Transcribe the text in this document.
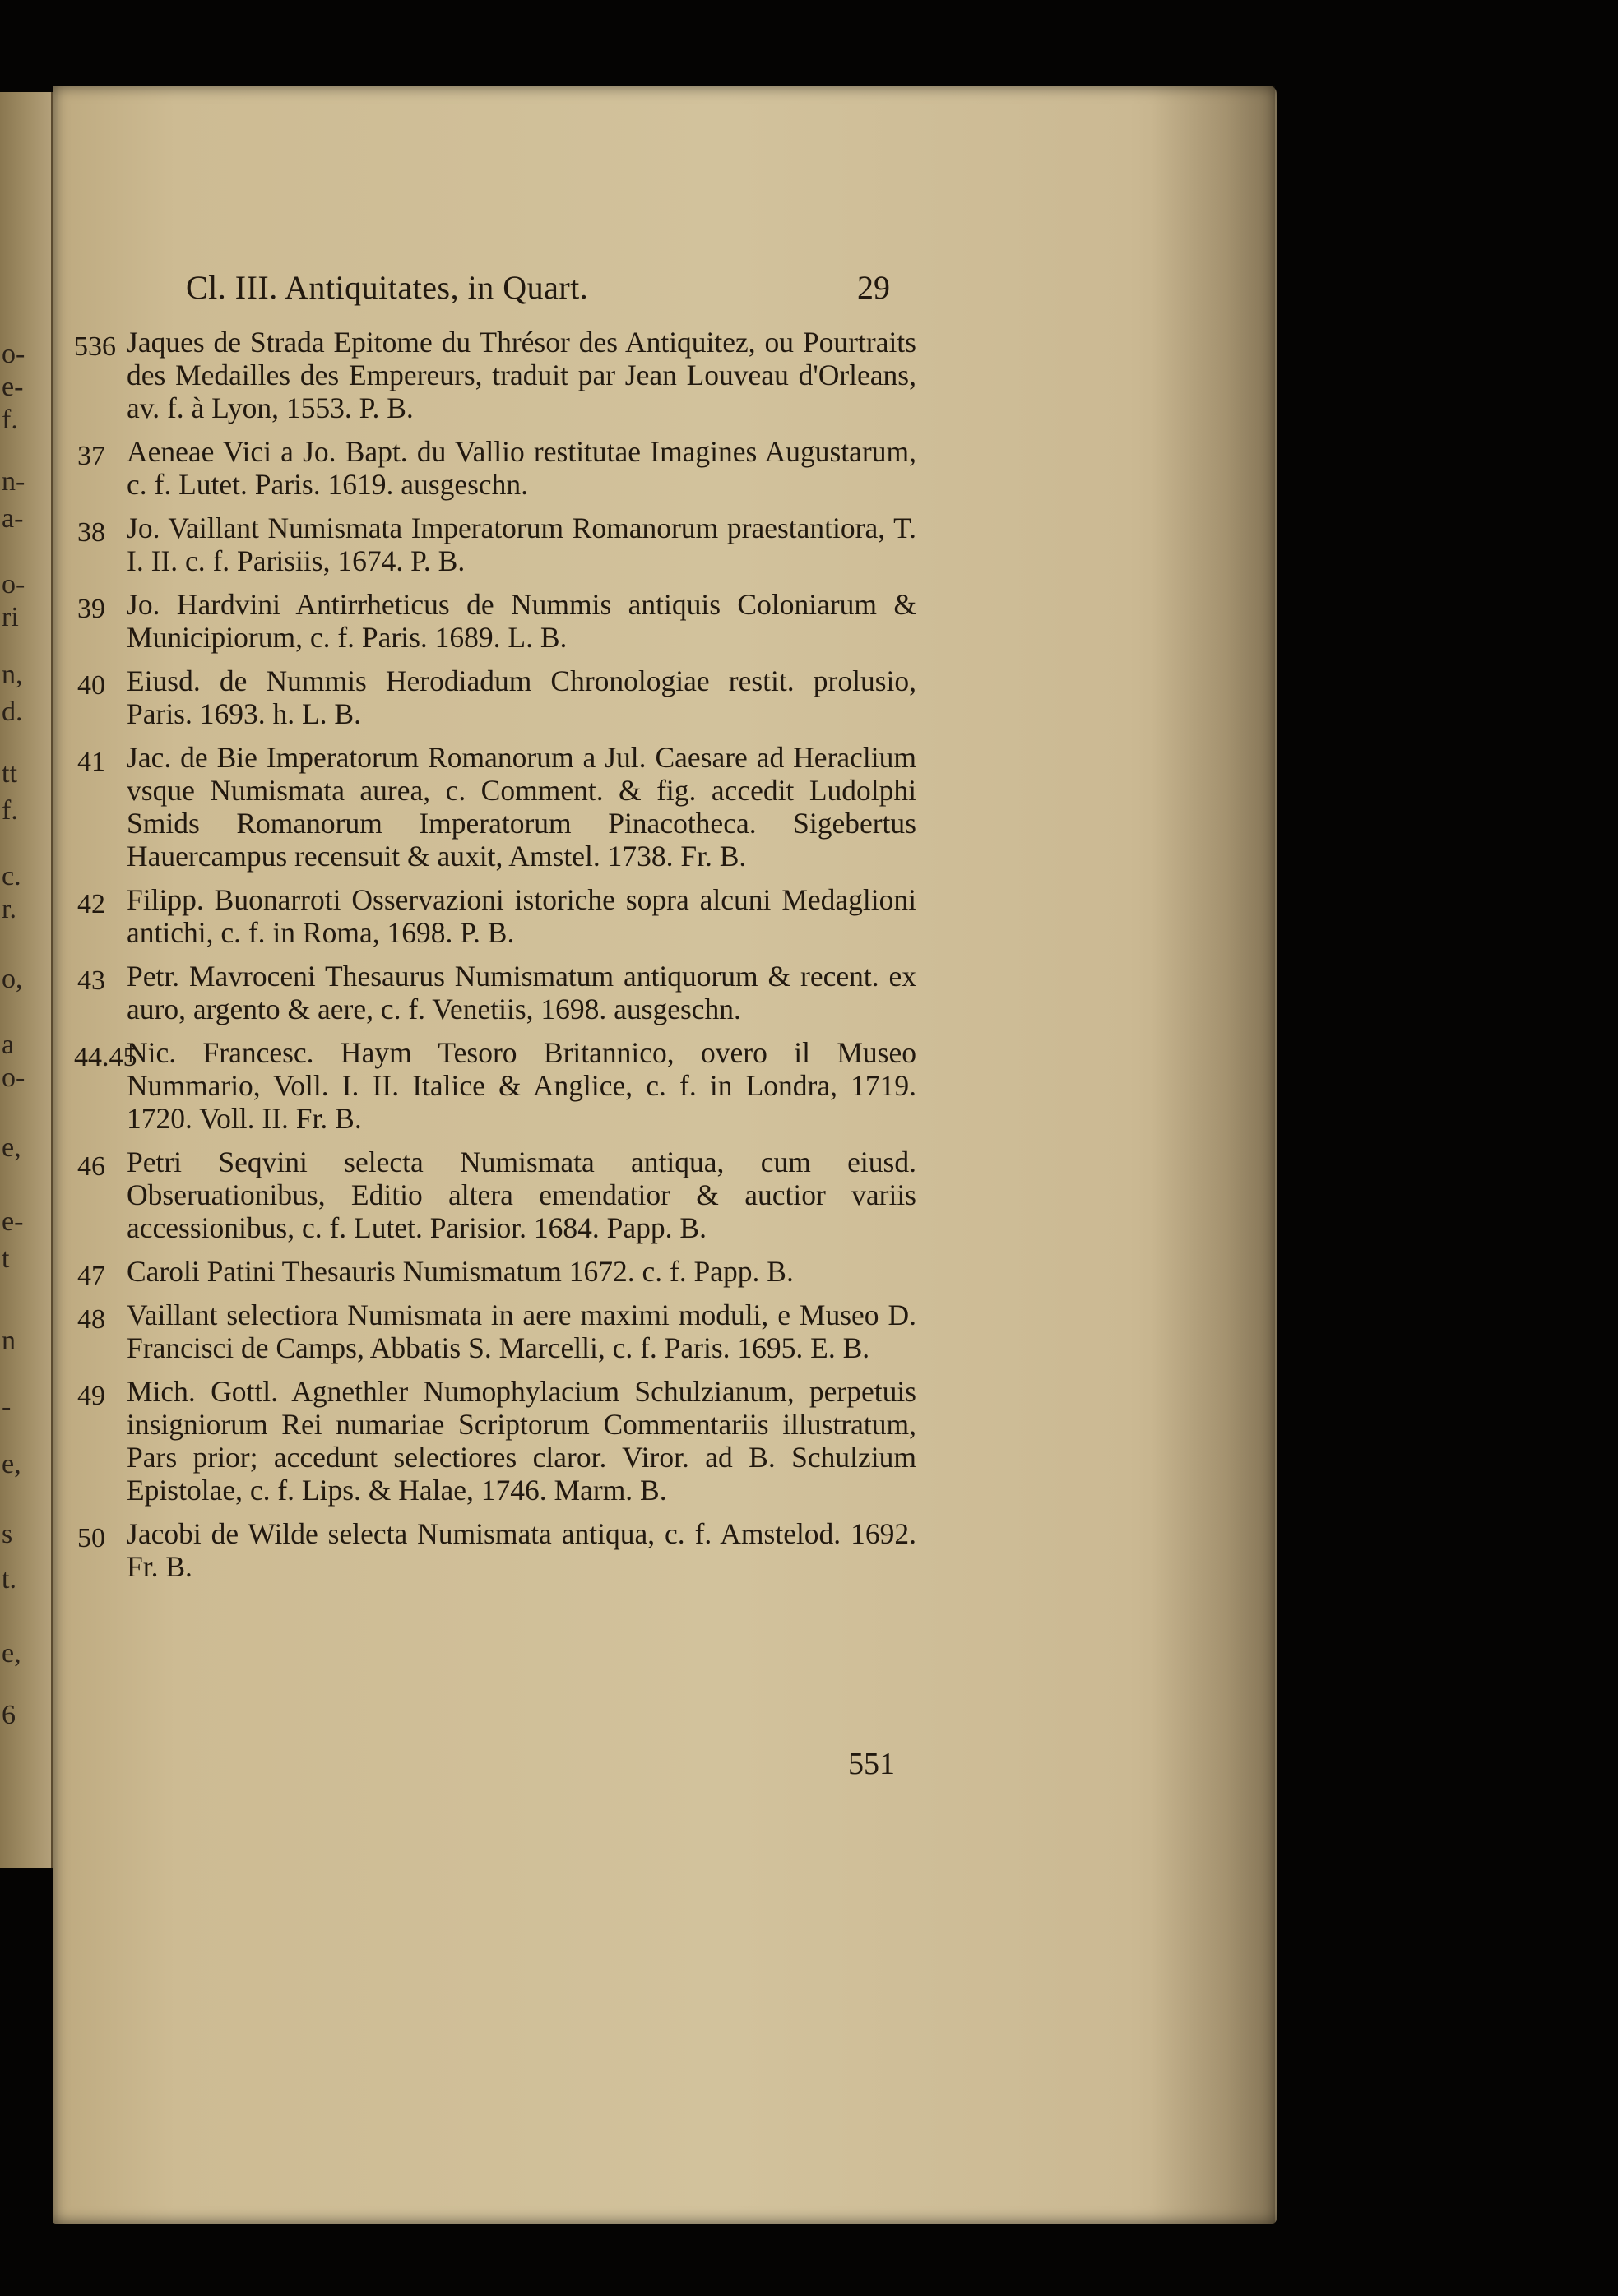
o-
e-
f.
n-
a-
o-
ri
n,
d.
tt
f.
c.
r.
o,
a
o-
e,
e-
t
n
-
e,
s
t.
e,
6
Cl. III. Antiquitates, in Quart.	29
536 Jaques de Strada Epitome du Thrésor des Antiquitez, ou Pourtraits des Medailles des Empereurs, traduit par Jean Louveau d'Orleans, av. f. à Lyon, 1553. P. B.
37 Aeneae Vici a Jo. Bapt. du Vallio restitutae Imagines Augustarum, c. f. Lutet. Paris. 1619. ausgeschn.
38 Jo. Vaillant Numismata Imperatorum Romanorum praestantiora, T. I. II. c. f. Parisiis, 1674. P. B.
39 Jo. Hardvini Antirrheticus de Nummis antiquis Coloniarum & Municipiorum, c. f. Paris. 1689. L. B.
40 Eiusd. de Nummis Herodiadum Chronologiae restit. prolusio, Paris. 1693. h. L. B.
41 Jac. de Bie Imperatorum Romanorum a Jul. Caesare ad Heraclium vsque Numismata aurea, c. Comment. & fig. accedit Ludolphi Smids Romanorum Imperatorum Pinacotheca. Sigebertus Hauercampus recensuit & auxit, Amstel. 1738. Fr. B.
42 Filipp. Buonarroti Osservazioni istoriche sopra alcuni Medaglioni antichi, c. f. in Roma, 1698. P. B.
43 Petr. Mavroceni Thesaurus Numismatum antiquorum & recent. ex auro, argento & aere, c. f. Venetiis, 1698. ausgeschn.
44.45
Nic. Francesc. Haym Tesoro Britannico, overo il Museo Nummario, Voll. I. II. Italice & Anglice, c. f. in Londra, 1719. 1720. Voll. II. Fr. B.
46 Petri Seqvini selecta Numismata antiqua, cum eiusd. Obseruationibus, Editio altera emendatior & auctior variis accessionibus, c. f. Lutet. Parisior. 1684. Papp. B.
47 Caroli Patini Thesauris Numismatum 1672. c. f. Papp. B.
48 Vaillant selectiora Numismata in aere maximi moduli, e Museo D. Francisci de Camps, Abbatis S. Marcelli, c. f. Paris. 1695. E. B.
49 Mich. Gottl. Agnethler Numophylacium Schulzianum, perpetuis insigniorum Rei numariae Scriptorum Commentariis illustratum, Pars prior; accedunt selectiores claror. Viror. ad B. Schulzium Epistolae, c. f. Lips. & Halae, 1746. Marm. B.
50 Jacobi de Wilde selecta Numismata antiqua, c. f. Amstelod. 1692. Fr. B.
551
